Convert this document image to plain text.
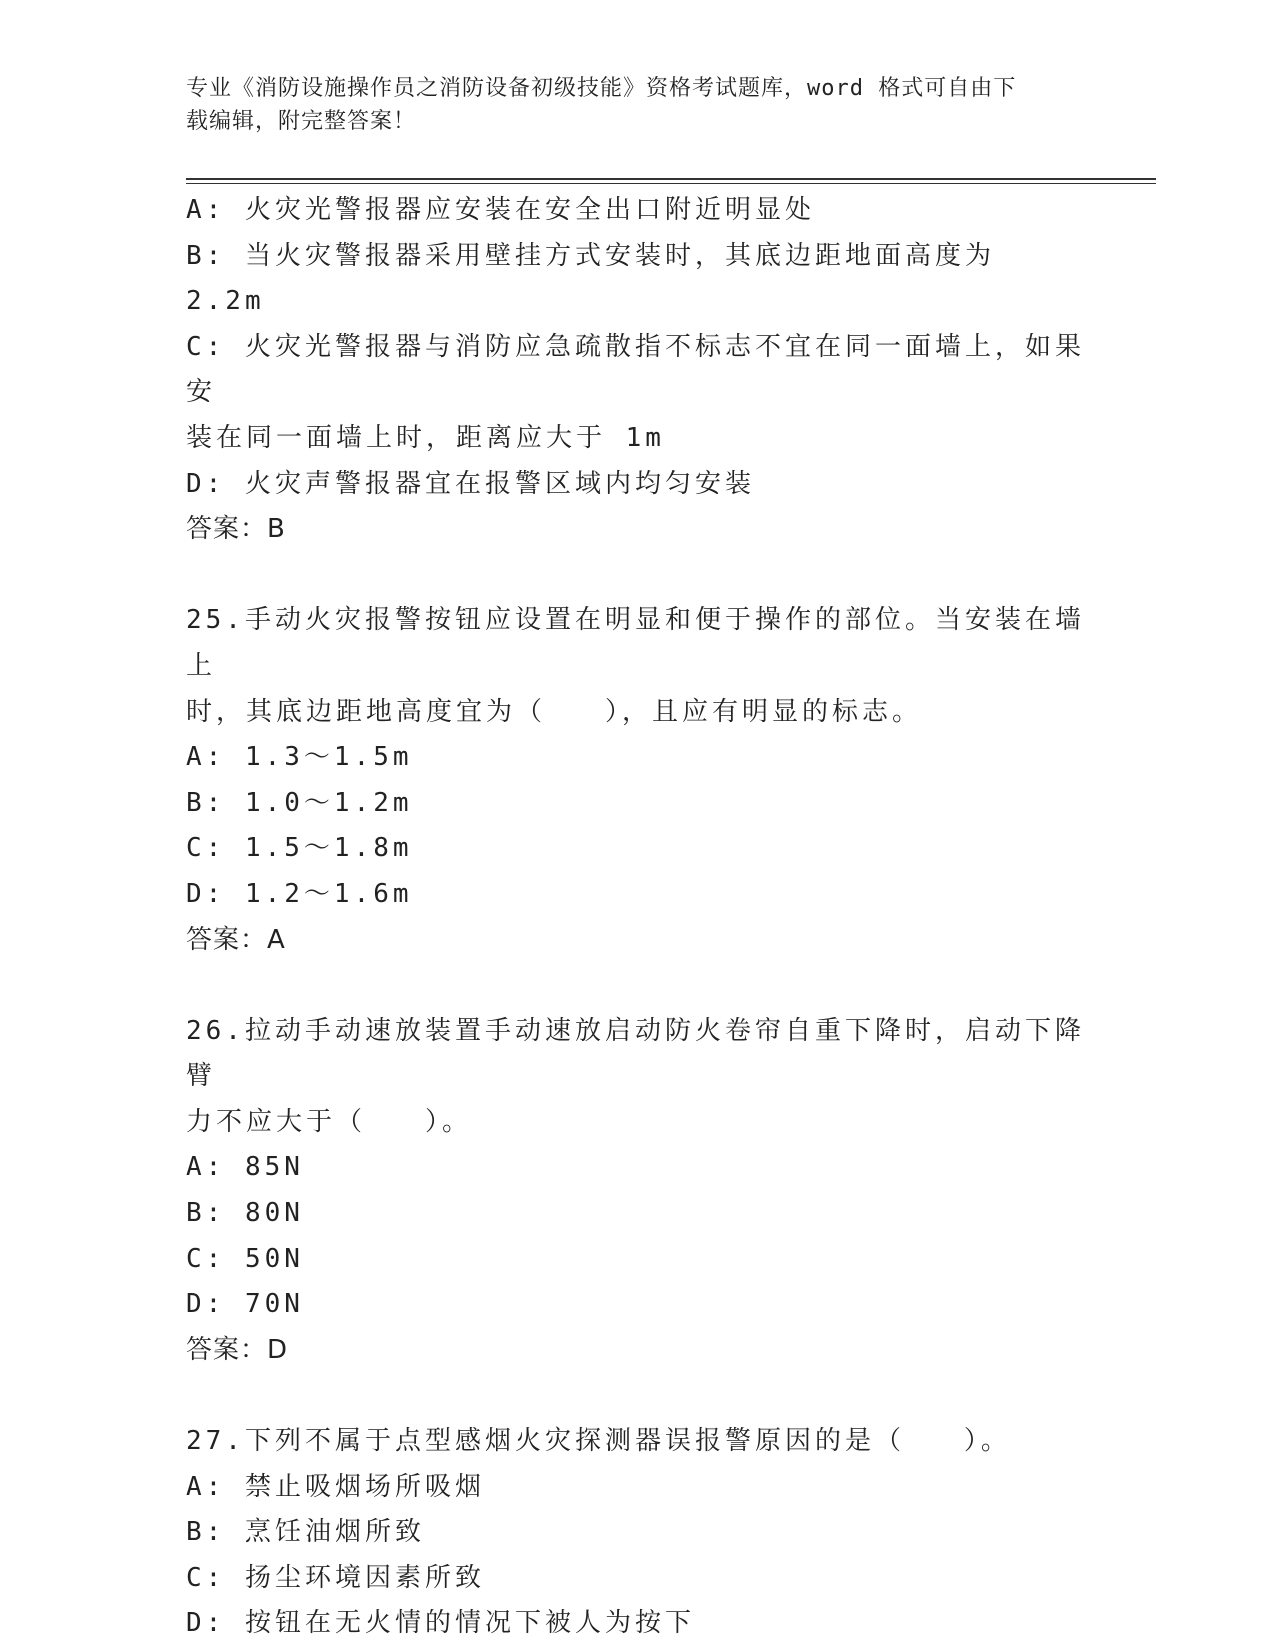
专业《消防设施操作员之消防设备初级技能》资格考试题库，word 格式可自由下
载编辑，附完整答案！
A: 火灾光警报器应安装在安全出口附近明显处
B: 当火灾警报器采用壁挂方式安装时，其底边距地面高度为 2.2m
C: 火灾光警报器与消防应急疏散指不标志不宜在同一面墙上，如果安
装在同一面墙上时，距离应大于 1m
D: 火灾声警报器宜在报警区域内均匀安装
答案：B
25.手动火灾报警按钮应设置在明显和便于操作的部位。当安装在墙上
时，其底边距地高度宜为（   ），且应有明显的标志。
A: 1.3～1.5m
B: 1.0～1.2m
C: 1.5～1.8m
D: 1.2～1.6m
答案：A
26.拉动手动速放装置手动速放启动防火卷帘自重下降时，启动下降臂
力不应大于（   ）。
A: 85N
B: 80N
C: 50N
D: 70N
答案：D
27.下列不属于点型感烟火灾探测器误报警原因的是（   ）。
A: 禁止吸烟场所吸烟
B: 烹饪油烟所致
C: 扬尘环境因素所致
D: 按钮在无火情的情况下被人为按下
